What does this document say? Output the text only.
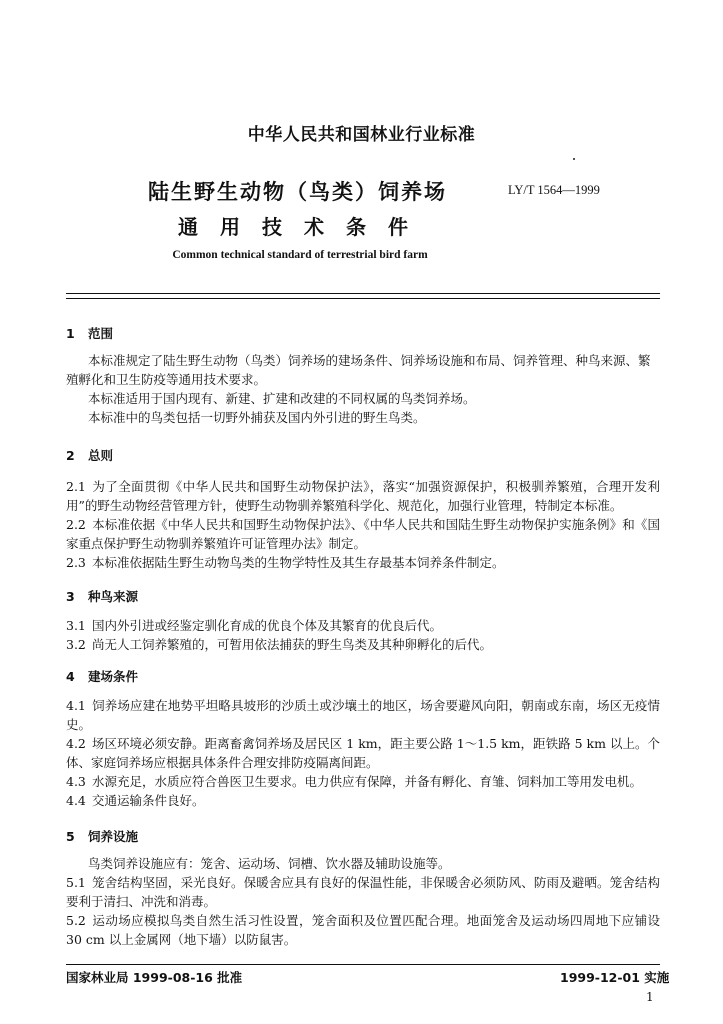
中华人民共和国林业行业标准
陆生野生动物（鸟类）饲养场
通用技术条件
LY/T 1564—1999
Common technical standard of terrestrial bird farm
1 范围

本标准规定了陆生野生动物（鸟类）饲养场的建场条件、饲养场设施和布局、饲养管理、种鸟来源、繁殖孵化和卫生防疫等通用技术要求。

本标准适用于国内现有、新建、扩建和改建的不同权属的鸟类饲养场。

本标准中的鸟类包括一切野外捕获及国内外引进的野生鸟类。

2 总则

2.1 为了全面贯彻《中华人民共和国野生动物保护法》，落实“加强资源保护，积极驯养繁殖，合理开发利用”的野生动物经营管理方针，使野生动物驯养繁殖科学化、规范化，加强行业管理，特制定本标准。

2.2 本标准依据《中华人民共和国野生动物保护法》、《中华人民共和国陆生野生动物保护实施条例》和《国家重点保护野生动物驯养繁殖许可证管理办法》制定。

2.3 本标准依据陆生野生动物鸟类的生物学特性及其生存最基本饲养条件制定。

3 种鸟来源

3.1 国内外引进或经鉴定驯化育成的优良个体及其繁育的优良后代。

3.2 尚无人工饲养繁殖的，可暂用依法捕获的野生鸟类及其种卵孵化的后代。

4 建场条件

4.1 饲养场应建在地势平坦略具坡形的沙质土或沙壤土的地区，场舍要避风向阳，朝南或东南，场区无疫情史。

4.2 场区环境必须安静。距离畜禽饲养场及居民区 1 km，距主要公路 1～1.5 km，距铁路 5 km 以上。个体、家庭饲养场应根据具体条件合理安排防疫隔离间距。

4.3 水源充足，水质应符合兽医卫生要求。电力供应有保障，并备有孵化、育雏、饲料加工等用发电机。

4.4 交通运输条件良好。

5 饲养设施

鸟类饲养设施应有：笼舍、运动场、饲槽、饮水器及辅助设施等。

5.1 笼舍结构坚固，采光良好。保暖舍应具有良好的保温性能，非保暖舍必须防风、防雨及避晒。笼舍结构要利于清扫、冲洗和消毒。

5.2 运动场应模拟鸟类自然生活习性设置，笼舍面积及位置匹配合理。地面笼舍及运动场四周地下应铺设 30 cm 以上金属网（地下墙）以防鼠害。

国家林业局 1999-08-16 批准	1999-12-01 实施
1
